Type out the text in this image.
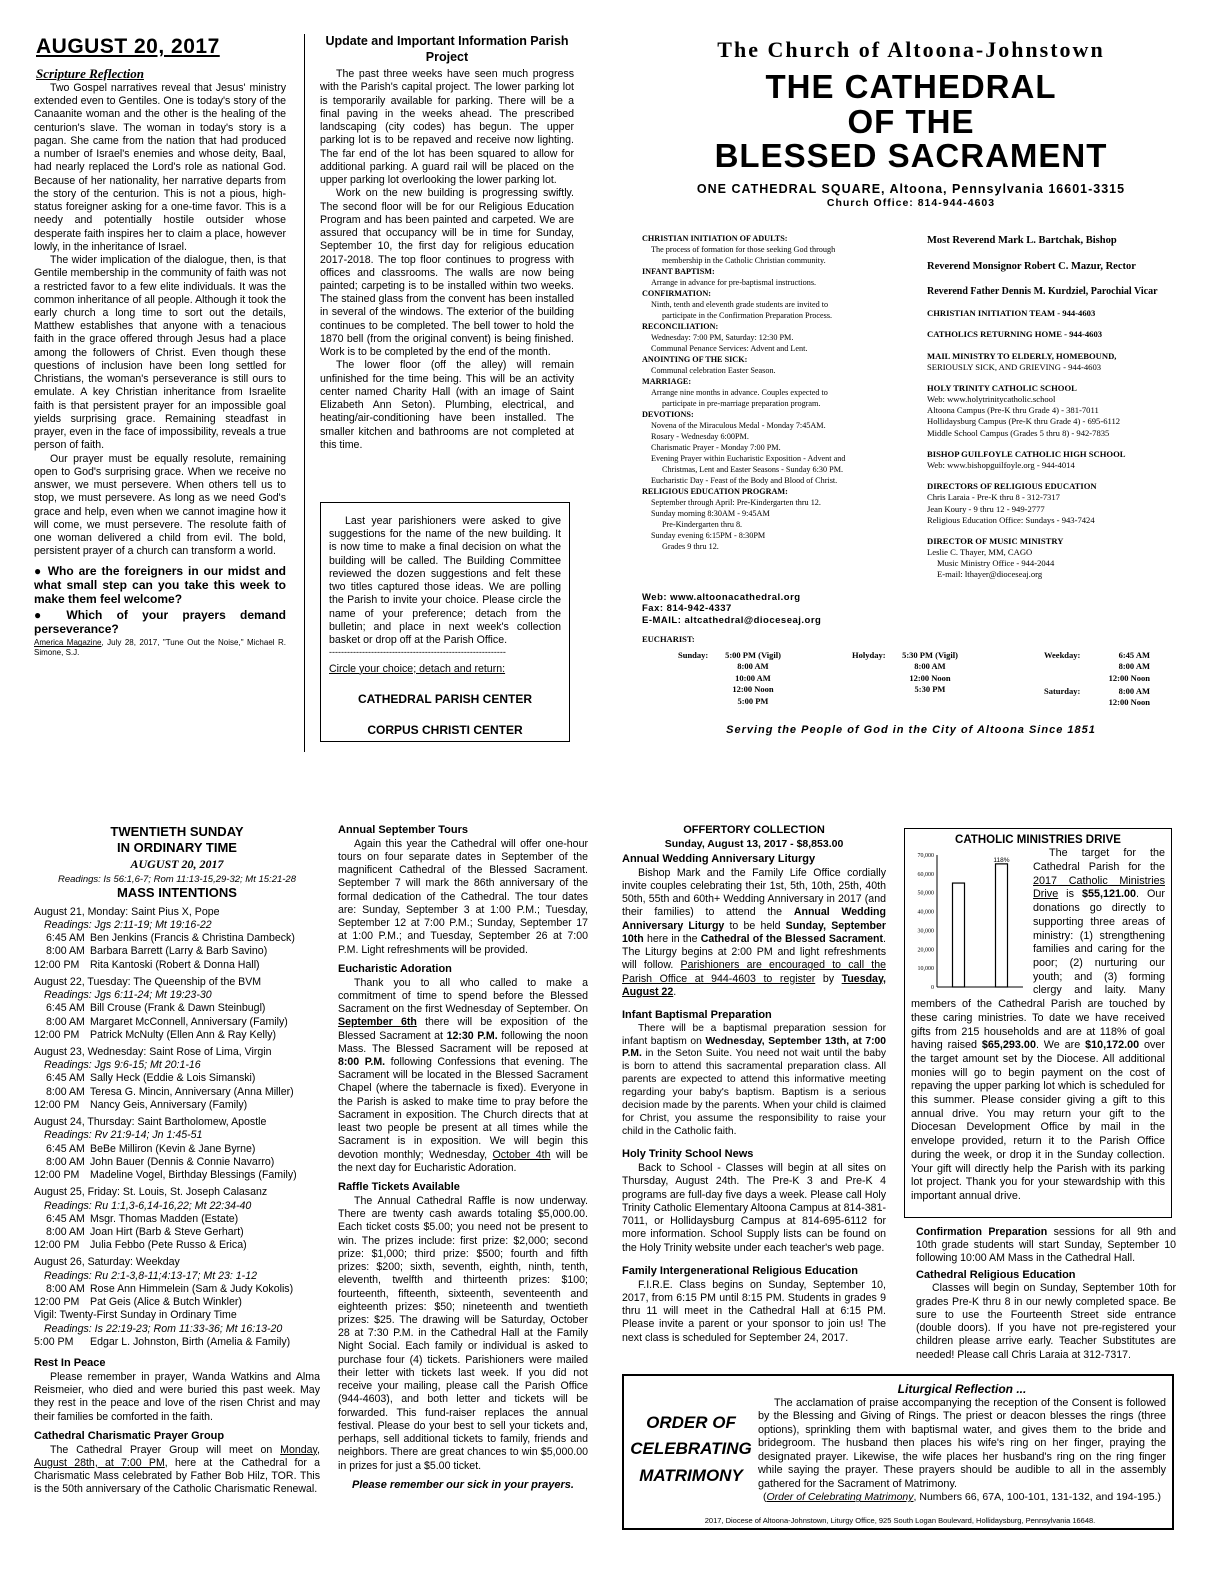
AUGUST 20, 2017
Scripture Reflection

Two Gospel narratives reveal that Jesus' ministry extended even to Gentiles. One is today's story of the Canaanite woman and the other is the healing of the centurion's slave. The woman in today's story is a pagan. She came from the nation that had produced a number of Israel's enemies and whose deity, Baal, had nearly replaced the Lord's role as national God. Because of her nationality, her narrative departs from the story of the centurion. This is not a pious, high-status foreigner asking for a one-time favor. This is a needy and potentially hostile outsider whose desperate faith inspires her to claim a place, however lowly, in the inheritance of Israel.

The wider implication of the dialogue, then, is that Gentile membership in the community of faith was not a restricted favor to a few elite individuals. It was the common inheritance of all people. Although it took the early church a long time to sort out the details, Matthew establishes that anyone with a tenacious faith in the grace offered through Jesus had a place among the followers of Christ. Even though these questions of inclusion have been long settled for Christians, the woman's perseverance is still ours to emulate. A key Christian inheritance from Israelite faith is that persistent prayer for an impossible goal yields surprising grace. Remaining steadfast in prayer, even in the face of impossibility, reveals a true person of faith.

Our prayer must be equally resolute, remaining open to God's surprising grace. When we receive no answer, we must persevere. When others tell us to stop, we must persevere. As long as we need God's grace and help, even when we cannot imagine how it will come, we must persevere. The resolute faith of one woman delivered a child from evil. The bold, persistent prayer of a church can transform a world.

● Who are the foreigners in our midst and what small step can you take this week to make them feel welcome?

● Which of your prayers demand perseverance?

America Magazine, July 28, 2017, "Tune Out the Noise," Michael R. Simone, S.J.

Update and Important Information Parish Project

The past three weeks have seen much progress with the Parish's capital project. The lower parking lot is temporarily available for parking. There will be a final paving in the weeks ahead. The prescribed landscaping (city codes) has begun. The upper parking lot is to be repaved and receive now lighting. The far end of the lot has been squared to allow for additional parking. A guard rail will be placed on the upper parking lot overlooking the lower parking lot.

Work on the new building is progressing swiftly. The second floor will be for our Religious Education Program and has been painted and carpeted. We are assured that occupancy will be in time for Sunday, September 10, the first day for religious education 2017-2018. The top floor continues to progress with offices and classrooms. The walls are now being painted; carpeting is to be installed within two weeks. The stained glass from the convent has been installed in several of the windows. The exterior of the building continues to be completed. The bell tower to hold the 1870 bell (from the original convent) is being finished. Work is to be completed by the end of the month.

The lower floor (off the alley) will remain unfinished for the time being. This will be an activity center named Charity Hall (with an image of Saint Elizabeth Ann Seton). Plumbing, electrical, and heating/air-conditioning have been installed. The smaller kitchen and bathrooms are not completed at this time.

Last year parishioners were asked to give suggestions for the name of the new building. It is now time to make a final decision on what the building will be called. The Building Committee reviewed the dozen suggestions and felt these two titles captured those ideas. We are polling the Parish to invite your choice. Please circle the name of your preference; detach from the bulletin; and place in next week's collection basket or drop off at the Parish Office.

-----------------------------------------------------------

Circle your choice; detach and return:

CATHEDRAL PARISH CENTER

CORPUS CHRISTI CENTER

The Church of Altoona-Johnstown
THE CATHEDRAL
OF THE
BLESSED SACRAMENT
ONE CATHEDRAL SQUARE, Altoona, Pennsylvania 16601-3315
Church Office: 814-944-4603
CHRISTIAN INITIATION OF ADULTS:
The process of formation for those seeking God through
membership in the Catholic Christian community.
INFANT BAPTISM:
Arrange in advance for pre-baptismal instructions.
CONFIRMATION:
Ninth, tenth and eleventh grade students are invited to
participate in the Confirmation Preparation Process.
RECONCILIATION:
Wednesday: 7:00 PM, Saturday: 12:30 PM.
Communal Penance Services: Advent and Lent.
ANOINTING OF THE SICK:
Communal celebration Easter Season.
MARRIAGE:
Arrange nine months in advance. Couples expected to
participate in pre-marriage preparation program.
DEVOTIONS:
Novena of the Miraculous Medal - Monday 7:45AM.
Rosary - Wednesday 6:00PM.
Charismatic Prayer - Monday 7:00 PM.
Evening Prayer within Eucharistic Exposition - Advent and
Christmas, Lent and Easter Seasons - Sunday 6:30 PM.
Eucharistic Day - Feast of the Body and Blood of Christ.
RELIGIOUS EDUCATION PROGRAM:
September through April: Pre-Kindergarten thru 12.
Sunday morning 8:30AM - 9:45AM
Pre-Kindergarten thru 8.
Sunday evening 6:15PM - 8:30PM
Grades 9 thru 12.
Web: www.altoonacathedral.org
Fax: 814-942-4337
E-MAIL: altcathedral@dioceseaj.org
Most Reverend Mark L. Bartchak, Bishop
Reverend Monsignor Robert C. Mazur, Rector
Reverend Father Dennis M. Kurdziel, Parochial Vicar
CHRISTIAN INITIATION TEAM - 944-4603
CATHOLICS RETURNING HOME - 944-4603
MAIL MINISTRY TO ELDERLY, HOMEBOUND,
SERIOUSLY SICK, AND GRIEVING - 944-4603
HOLY TRINITY CATHOLIC SCHOOL
Web: www.holytrinitycatholic.school
Altoona Campus (Pre-K thru Grade 4) - 381-7011
Hollidaysburg Campus (Pre-K thru Grade 4) - 695-6112
Middle School Campus (Grades 5 thru 8) - 942-7835
BISHOP GUILFOYLE CATHOLIC HIGH SCHOOL
Web: www.bishopguilfoyle.org - 944-4014
DIRECTORS OF RELIGIOUS EDUCATION
Chris Laraia - Pre-K thru 8 - 312-7317
Jean Koury - 9 thru 12 - 949-2777
Religious Education Office: Sundays - 943-7424
DIRECTOR OF MUSIC MINISTRY
Leslie C. Thayer, MM, CAGO
Music Ministry Office - 944-2044
E-mail: lthayer@dioceseaj.org
EUCHARIST:
Sunday:	5:00 PM (Vigil)
8:00 AM
10:00 AM
12:00 Noon
5:00 PM
Holyday:	5:30 PM (Vigil)
8:00 AM
12:00 Noon
5:30 PM
Weekday:	6:45 AM
8:00 AM
12:00 Noon
Saturday:	8:00 AM
12:00 Noon
Serving the People of God in the City of Altoona Since 1851
TWENTIETH SUNDAY
IN ORDINARY TIME
AUGUST 20, 2017
Readings: Is 56:1,6-7; Rom 11:13-15,29-32; Mt 15:21-28
MASS INTENTIONS
August 21, Monday: Saint Pius X, Pope
Readings: Jgs 2:11-19; Mt 19:16-22
6:45 AM Ben Jenkins (Francis & Christina Dambeck)
8:00 AM Barbara Barrett (Larry & Barb Savino)
12:00 PM Rita Kantoski (Robert & Donna Hall)
August 22, Tuesday: The Queenship of the BVM
Readings: Jgs 6:11-24; Mt 19:23-30
6:45 AM Bill Crouse (Frank & Dawn Steinbugl)
8:00 AM Margaret McConnell, Anniversary (Family)
12:00 PM Patrick McNulty (Ellen Ann & Ray Kelly)
August 23, Wednesday: Saint Rose of Lima, Virgin
Readings: Jgs 9:6-15; Mt 20:1-16
6:45 AM Sally Heck (Eddie & Lois Simanski)
8:00 AM Teresa G. Mincin, Anniversary (Anna Miller)
12:00 PM Nancy Geis, Anniversary (Family)
August 24, Thursday: Saint Bartholomew, Apostle
Readings: Rv 21:9-14; Jn 1:45-51
6:45 AM BeBe Milliron (Kevin & Jane Byrne)
8:00 AM John Bauer (Dennis & Connie Navarro)
12:00 PM Madeline Vogel, Birthday Blessings (Family)
August 25, Friday: St. Louis, St. Joseph Calasanz
Readings: Ru 1:1,3-6,14-16,22; Mt 22:34-40
6:45 AM Msgr. Thomas Madden (Estate)
8:00 AM Joan Hirt (Barb & Steve Gerhart)
12:00 PM Julia Febbo (Pete Russo & Erica)
August 26, Saturday: Weekday
Readings: Ru 2:1-3,8-11;4:13-17; Mt 23: 1-12
8:00 AM Rose Ann Himmelein (Sam & Judy Kokolis)
12:00 PM Pat Geis (Alice & Butch Winkler)
Vigil: Twenty-First Sunday in Ordinary Time
Readings: Is 22:19-23; Rom 11:33-36; Mt 16:13-20
5:00 PM Edgar L. Johnston, Birth (Amelia & Family)
Rest In Peace

Please remember in prayer, Wanda Watkins and Alma Reismeier, who died and were buried this past week. May they rest in the peace and love of the risen Christ and may their families be comforted in the faith.

Cathedral Charismatic Prayer Group

The Cathedral Prayer Group will meet on Monday, August 28th, at 7:00 PM, here at the Cathedral for a Charismatic Mass celebrated by Father Bob Hilz, TOR. This is the 50th anniversary of the Catholic Charismatic Renewal.

Annual September Tours

Again this year the Cathedral will offer one-hour tours on four separate dates in September of the magnificent Cathedral of the Blessed Sacrament. September 7 will mark the 86th anniversary of the formal dedication of the Cathedral. The tour dates are: Sunday, September 3 at 1:00 P.M.; Tuesday, September 12 at 7:00 P.M.; Sunday, September 17 at 1:00 P.M.; and Tuesday, September 26 at 7:00 P.M. Light refreshments will be provided.

Eucharistic Adoration

Thank you to all who called to make a commitment of time to spend before the Blessed Sacrament on the first Wednesday of September. On September 6th there will be exposition of the Blessed Sacrament at 12:30 P.M. following the noon Mass. The Blessed Sacrament will be reposed at 8:00 P.M. following Confessions that evening. The Sacrament will be located in the Blessed Sacrament Chapel (where the tabernacle is fixed). Everyone in the Parish is asked to make time to pray before the Sacrament in exposition. The Church directs that at least two people be present at all times while the Sacrament is in exposition. We will begin this devotion monthly; Wednesday, October 4th will be the next day for Eucharistic Adoration.

Raffle Tickets Available

The Annual Cathedral Raffle is now underway. There are twenty cash awards totaling $5,000.00. Each ticket costs $5.00; you need not be present to win. The prizes include: first prize: $2,000; second prize: $1,000; third prize: $500; fourth and fifth prizes: $200; sixth, seventh, eighth, ninth, tenth, eleventh, twelfth and thirteenth prizes: $100; fourteenth, fifteenth, sixteenth, seventeenth and eighteenth prizes: $50; nineteenth and twentieth prizes: $25. The drawing will be Saturday, October 28 at 7:30 P.M. in the Cathedral Hall at the Family Night Social. Each family or individual is asked to purchase four (4) tickets. Parishioners were mailed their letter with tickets last week. If you did not receive your mailing, please call the Parish Office (944-4603), and both letter and tickets will be forwarded. This fund-raiser replaces the annual festival. Please do your best to sell your tickets and, perhaps, sell additional tickets to family, friends and neighbors. There are great chances to win $5,000.00 in prizes for just a $5.00 ticket.

Please remember our sick in your prayers.

OFFERTORY COLLECTION
Sunday, August 13, 2017 - $8,853.00
Annual Wedding Anniversary Liturgy

Bishop Mark and the Family Life Office cordially invite couples celebrating their 1st, 5th, 10th, 25th, 40th 50th, 55th and 60th+ Wedding Anniversary in 2017 (and their families) to attend the Annual Wedding Anniversary Liturgy to be held Sunday, September 10th here in the Cathedral of the Blessed Sacrament. The Liturgy begins at 2:00 PM and light refreshments will follow. Parishioners are encouraged to call the Parish Office at 944-4603 to register by Tuesday, August 22.

Infant Baptismal Preparation

There will be a baptismal preparation session for infant baptism on Wednesday, September 13th, at 7:00 P.M. in the Seton Suite. You need not wait until the baby is born to attend this sacramental preparation class. All parents are expected to attend this informative meeting regarding your baby's baptism. Baptism is a serious decision made by the parents. When your child is claimed for Christ, you assume the responsibility to raise your child in the Catholic faith.

Holy Trinity School News

Back to School - Classes will begin at all sites on Thursday, August 24th. The Pre-K 3 and Pre-K 4 programs are full-day five days a week. Please call Holy Trinity Catholic Elementary Altoona Campus at 814-381-7011, or Hollidaysburg Campus at 814-695-6112 for more information. School Supply lists can be found on the Holy Trinity website under each teacher's web page.

Family Intergenerational Religious Education

F.I.R.E. Class begins on Sunday, September 10, 2017, from 6:15 PM until 8:15 PM. Students in grades 9 thru 11 will meet in the Cathedral Hall at 6:15 PM. Please invite a parent or your sponsor to join us! The next class is scheduled for September 24, 2017.

CATHOLIC MINISTRIES DRIVE
0
10,000
20,000
30,000
40,000
50,000
60,000
70,000
118%

The target for the Cathedral Parish for the 2017 Catholic Ministries Drive is $55,121.00. Our donations go directly to supporting three areas of ministry: (1) strengthening families and caring for the poor; (2) nurturing our youth; and (3) forming clergy and laity. Many members of the Cathedral Parish are touched by these caring ministries. To date we have received gifts from 215 households and are at 118% of goal having raised $65,293.00. We are $10,172.00 over the target amount set by the Diocese. All additional monies will go to begin payment on the cost of repaving the upper parking lot which is scheduled for this summer. Please consider giving a gift to this annual drive. You may return your gift to the Diocesan Development Office by mail in the envelope provided, return it to the Parish Office during the week, or drop it in the Sunday collection. Your gift will directly help the Parish with its parking lot project. Thank you for your stewardship with this important annual drive.

Confirmation Preparation sessions for all 9th and 10th grade students will start Sunday, September 10 following 10:00 AM Mass in the Cathedral Hall.

Cathedral Religious Education

Classes will begin on Sunday, September 10th for grades Pre-K thru 8 in our newly completed space. Be sure to use the Fourteenth Street side entrance (double doors). If you have not pre-registered your children please arrive early. Teacher Substitutes are needed! Please call Chris Laraia at 312-7317.

ORDER OF
CELEBRATING
MATRIMONY
Liturgical Reflection ...

The acclamation of praise accompanying the reception of the Consent is followed by the Blessing and Giving of Rings. The priest or deacon blesses the rings (three options), sprinkling them with baptismal water, and gives them to the bride and bridegroom. The husband then places his wife's ring on her finger, praying the designated prayer. Likewise, the wife places her husband's ring on the ring finger while saying the prayer. These prayers should be audible to all in the assembly gathered for the Sacrament of Matrimony.

(Order of Celebrating Matrimony, Numbers 66, 67A, 100-101, 131-132, and 194-195.)

2017, Diocese of Altoona-Johnstown, Liturgy Office, 925 South Logan Boulevard, Hollidaysburg, Pennsylvania 16648.
